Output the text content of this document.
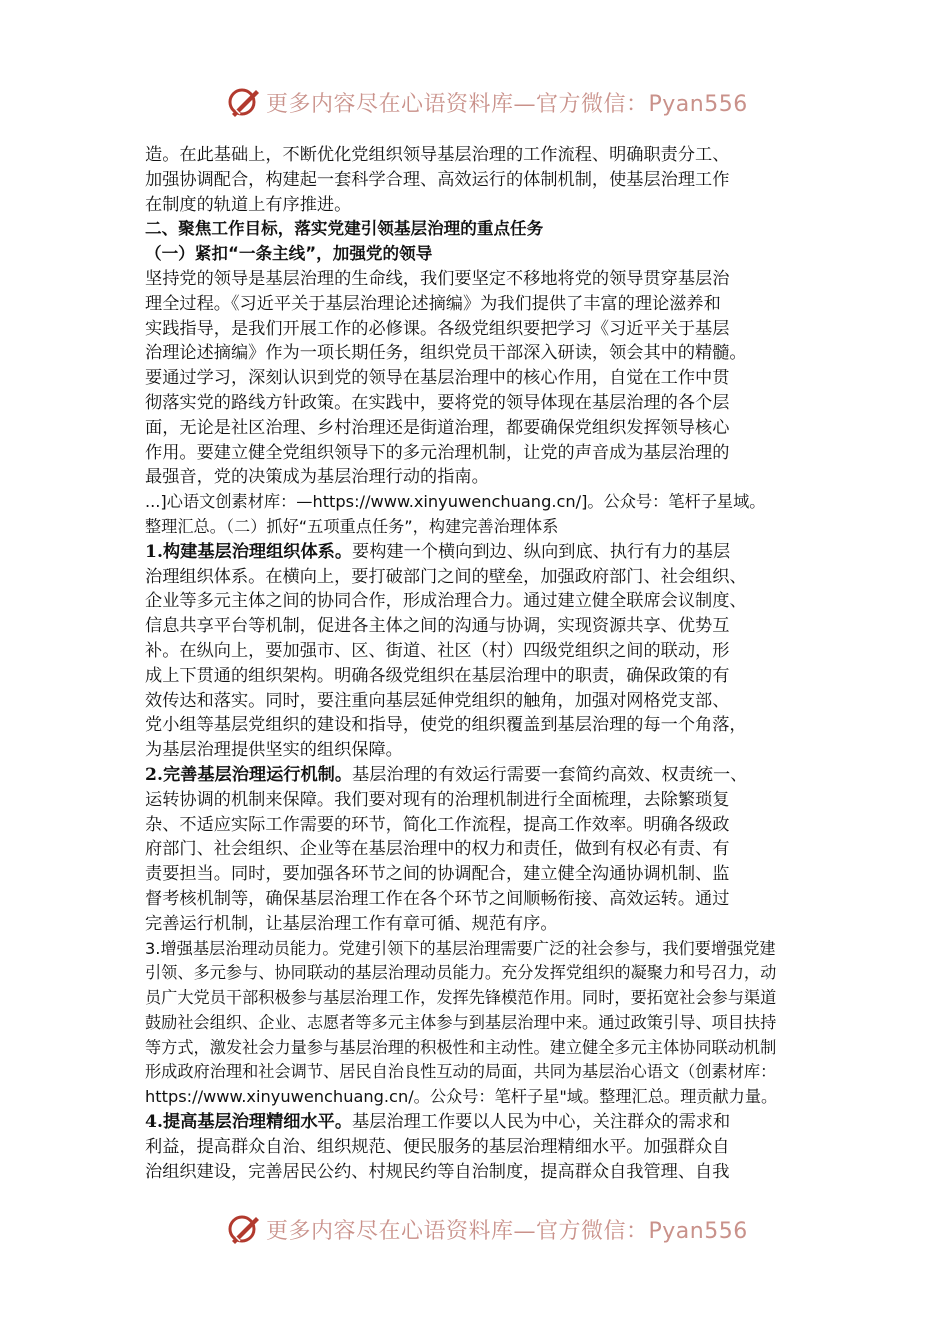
更多内容尽在心语资料库—官方微信：Pyan556
造。在此基础上，不断优化党组织领导基层治理的工作流程、明确职责分工、
加强协调配合，构建起一套科学合理、高效运行的体制机制，使基层治理工作
在制度的轨道上有序推进。
二、聚焦工作目标，落实党建引领基层治理的重点任务
（一）紧扣“一条主线”，加强党的领导
坚持党的领导是基层治理的生命线，我们要坚定不移地将党的领导贯穿基层治
理全过程。《习近平关于基层治理论述摘编》为我们提供了丰富的理论滋养和
实践指导，是我们开展工作的必修课。各级党组织要把学习《习近平关于基层
治理论述摘编》作为一项长期任务，组织党员干部深入研读，领会其中的精髓。
要通过学习，深刻认识到党的领导在基层治理中的核心作用，自觉在工作中贯
彻落实党的路线方针政策。在实践中，要将党的领导体现在基层治理的各个层
面，无论是社区治理、乡村治理还是街道治理，都要确保党组织发挥领导核心
作用。要建立健全党组织领导下的多元治理机制，让党的声音成为基层治理的
最强音，党的决策成为基层治理行动的指南。
...]心语文创素材库：—https://www.xinyuwenchuang.cn/]。公众号：笔杆子星域。
整理汇总。（二）抓好“五项重点任务”，构建完善治理体系
1.构建基层治理组织体系。要构建一个横向到边、纵向到底、执行有力的基层
治理组织体系。在横向上，要打破部门之间的壁垒，加强政府部门、社会组织、
企业等多元主体之间的协同合作，形成治理合力。通过建立健全联席会议制度、
信息共享平台等机制，促进各主体之间的沟通与协调，实现资源共享、优势互
补。在纵向上，要加强市、区、街道、社区（村）四级党组织之间的联动，形
成上下贯通的组织架构。明确各级党组织在基层治理中的职责，确保政策的有
效传达和落实。同时，要注重向基层延伸党组织的触角，加强对网格党支部、
党小组等基层党组织的建设和指导，使党的组织覆盖到基层治理的每一个角落，
为基层治理提供坚实的组织保障。
2.完善基层治理运行机制。基层治理的有效运行需要一套简约高效、权责统一、
运转协调的机制来保障。我们要对现有的治理机制进行全面梳理，去除繁琐复
杂、不适应实际工作需要的环节，简化工作流程，提高工作效率。明确各级政
府部门、社会组织、企业等在基层治理中的权力和责任，做到有权必有责、有
责要担当。同时，要加强各环节之间的协调配合，建立健全沟通协调机制、监
督考核机制等，确保基层治理工作在各个环节之间顺畅衔接、高效运转。通过
完善运行机制，让基层治理工作有章可循、规范有序。
3.增强基层治理动员能力。党建引领下的基层治理需要广泛的社会参与，我们要增强党建
引领、多元参与、协同联动的基层治理动员能力。充分发挥党组织的凝聚力和号召力，动
员广大党员干部积极参与基层治理工作，发挥先锋模范作用。同时，要拓宽社会参与渠道
鼓励社会组织、企业、志愿者等多元主体参与到基层治理中来。通过政策引导、项目扶持
等方式，激发社会力量参与基层治理的积极性和主动性。建立健全多元主体协同联动机制
形成政府治理和社会调节、居民自治良性互动的局面，共同为基层治心语文（创素材库：
https://www.xinyuwenchuang.cn/。公众号：笔杆子星"域。整理汇总。理贡献力量。
4.提高基层治理精细水平。基层治理工作要以人民为中心，关注群众的需求和
利益，提高群众自治、组织规范、便民服务的基层治理精细水平。加强群众自
治组织建设，完善居民公约、村规民约等自治制度，提高群众自我管理、自我
更多内容尽在心语资料库—官方微信：Pyan556
